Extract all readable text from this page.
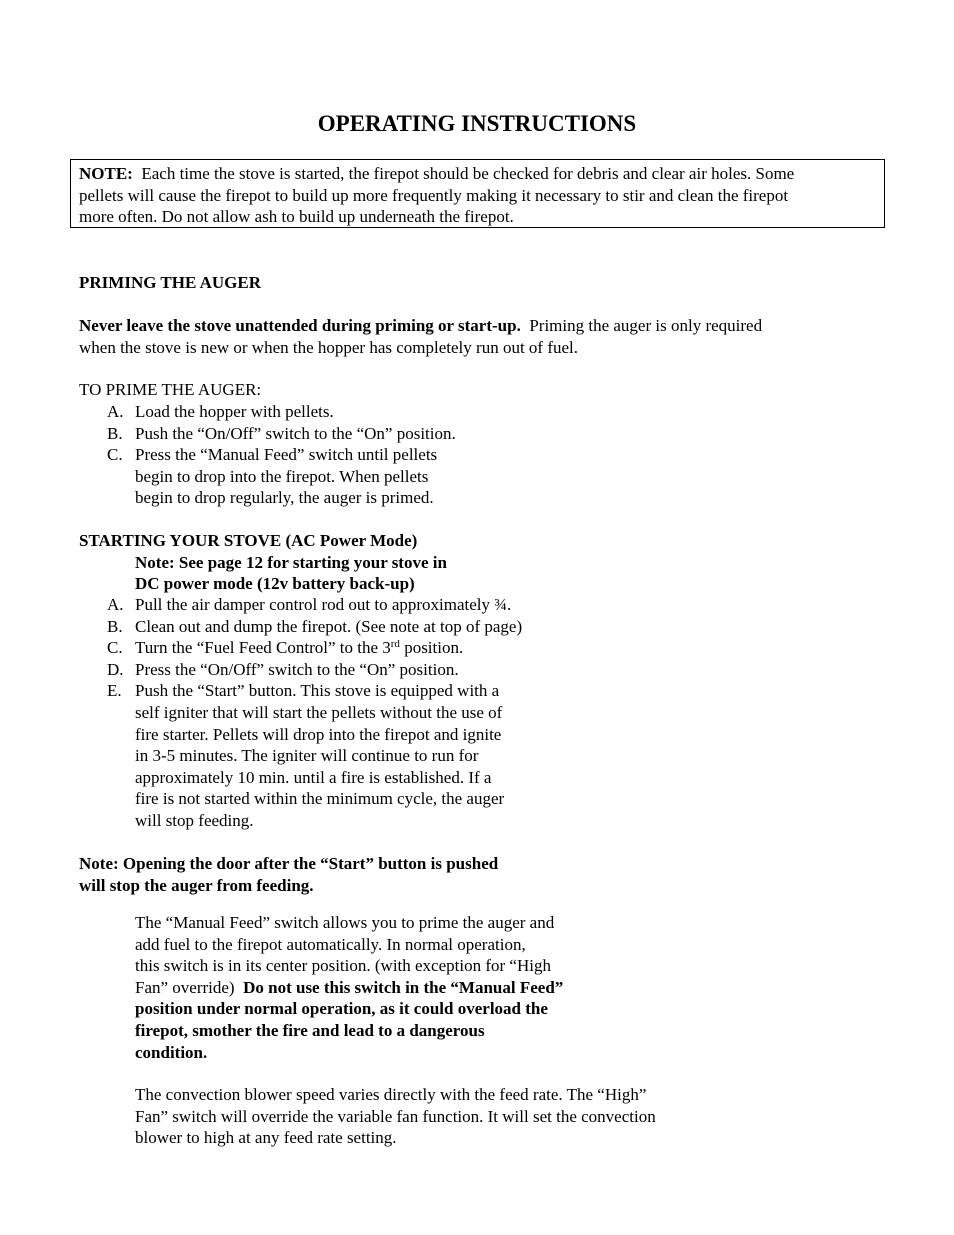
OPERATING INSTRUCTIONS

NOTE: Each time the stove is started, the firepot should be checked for debris and clear air holes. Some

pellets will cause the firepot to build up more frequently making it necessary to stir and clean the firepot

more often. Do not allow ash to build up underneath the firepot.

PRIMING THE AUGER
Never leave the stove unattended during priming or start-up. Priming the auger is only required
when the stove is new or when the hopper has completely run out of fuel.
TO PRIME THE AUGER:
A. Load the hopper with pellets.
B. Push the “On/Off” switch to the “On” position.
C. Press the “Manual Feed” switch until pellets
begin to drop into the firepot. When pellets
begin to drop regularly, the auger is primed.
STARTING YOUR STOVE (AC Power Mode)
Note: See page 12 for starting your stove in
DC power mode (12v battery back-up)
A. Pull the air damper control rod out to approximately ¾.
B. Clean out and dump the firepot. (See note at top of page)
C. Turn the “Fuel Feed Control” to the 3rd position.
D. Press the “On/Off” switch to the “On” position.
E. Push the “Start” button. This stove is equipped with a
self igniter that will start the pellets without the use of
fire starter. Pellets will drop into the firepot and ignite
in 3-5 minutes. The igniter will continue to run for
approximately 10 min. until a fire is established. If a
fire is not started within the minimum cycle, the auger
will stop feeding.
Note: Opening the door after the “Start” button is pushed
will stop the auger from feeding.
The “Manual Feed” switch allows you to prime the auger and
add fuel to the firepot automatically. In normal operation,
this switch is in its center position. (with exception for “High
Fan” override) Do not use this switch in the “Manual Feed”
position under normal operation, as it could overload the
firepot, smother the fire and lead to a dangerous
condition.
The convection blower speed varies directly with the feed rate. The “High”
Fan” switch will override the variable fan function. It will set the convection
blower to high at any feed rate setting.
